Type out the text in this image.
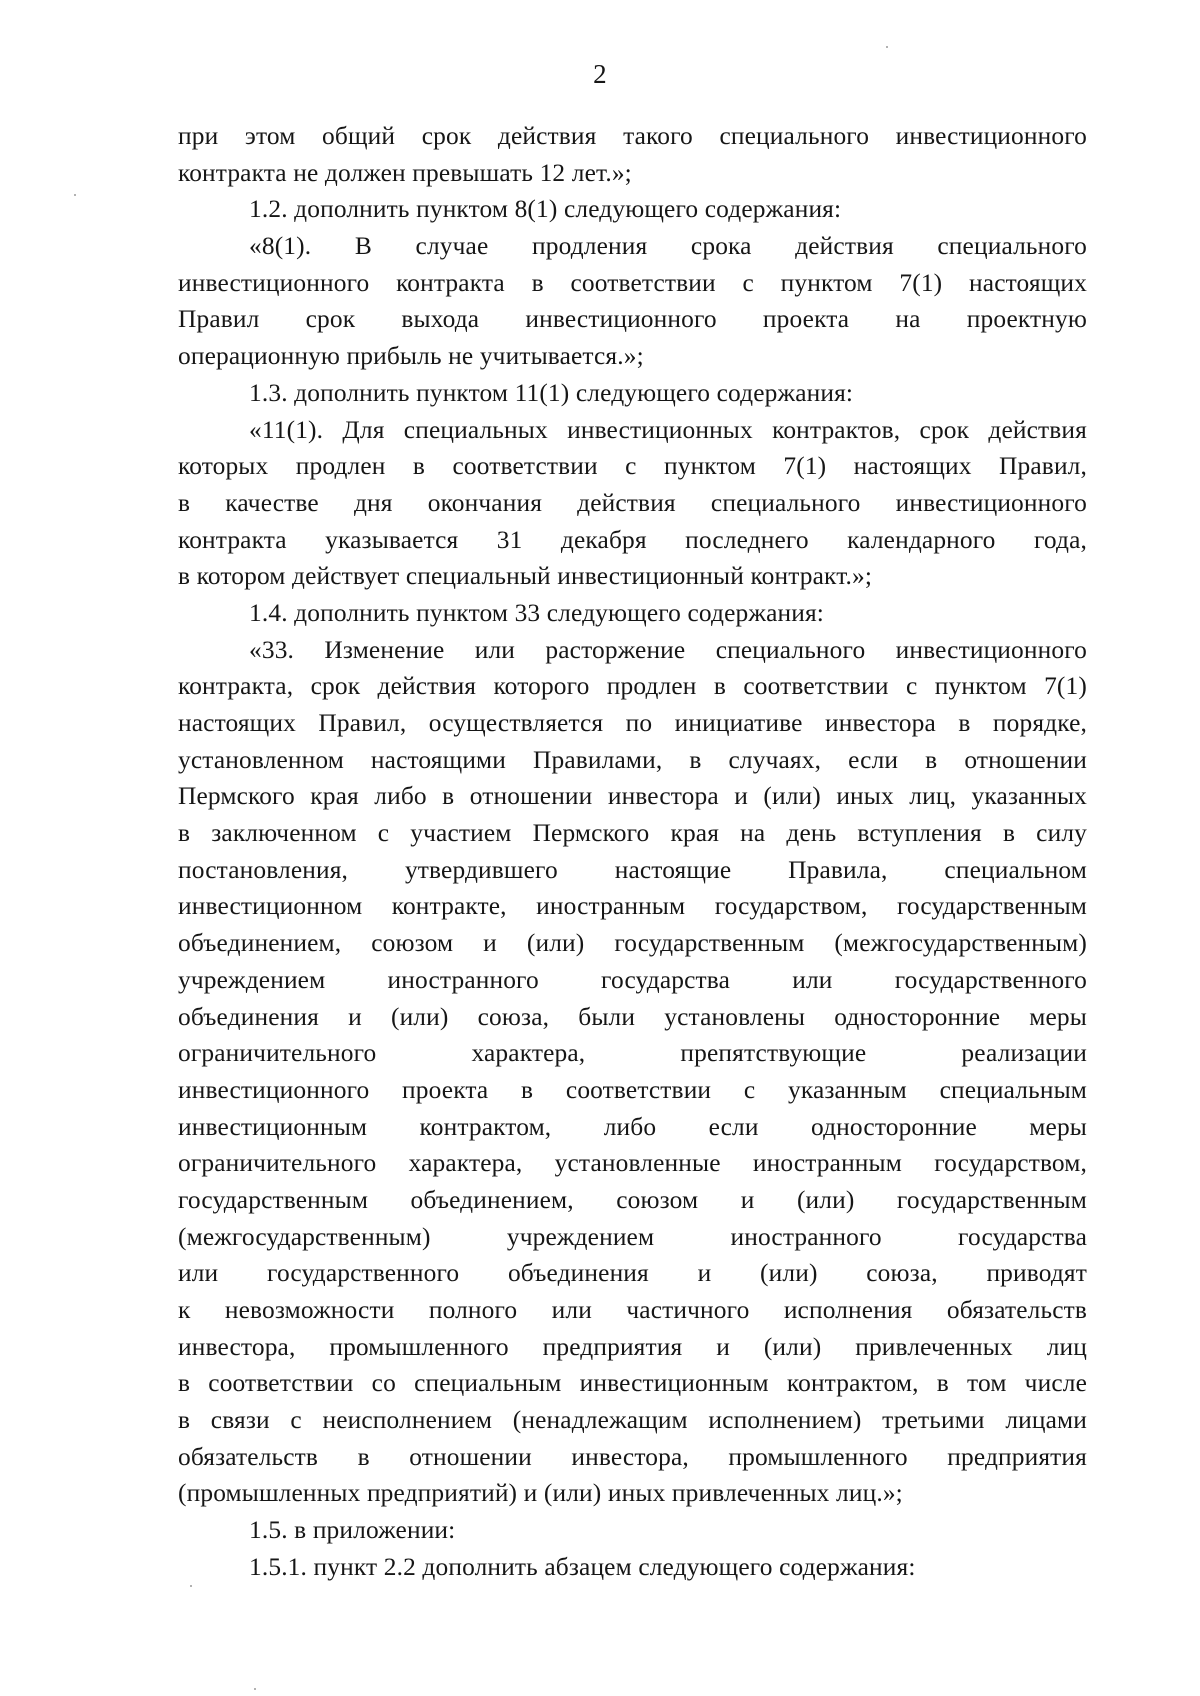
2
при этом общий срок действия такого специального инвестиционного
контракта не должен превышать 12 лет.»;
1.2. дополнить пунктом 8(1) следующего содержания:
«8(1). В случае продления срока действия специального
инвестиционного контракта в соответствии с пунктом 7(1) настоящих
Правил срок выхода инвестиционного проекта на проектную
операционную прибыль не учитывается.»;
1.3. дополнить пунктом 11(1) следующего содержания:
«11(1). Для специальных инвестиционных контрактов, срок действия
которых продлен в соответствии с пунктом 7(1) настоящих Правил,
в качестве дня окончания действия специального инвестиционного
контракта указывается 31 декабря последнего календарного года,
в котором действует специальный инвестиционный контракт.»;
1.4. дополнить пунктом 33 следующего содержания:
«33. Изменение или расторжение специального инвестиционного
контракта, срок действия которого продлен в соответствии с пунктом 7(1)
настоящих Правил, осуществляется по инициативе инвестора в порядке,
установленном настоящими Правилами, в случаях, если в отношении
Пермского края либо в отношении инвестора и (или) иных лиц, указанных
в заключенном с участием Пермского края на день вступления в силу
постановления, утвердившего настоящие Правила, специальном
инвестиционном контракте, иностранным государством, государственным
объединением, союзом и (или) государственным (межгосударственным)
учреждением иностранного государства или государственного
объединения и (или) союза, были установлены односторонние меры
ограничительного характера, препятствующие реализации
инвестиционного проекта в соответствии с указанным специальным
инвестиционным контрактом, либо если односторонние меры
ограничительного характера, установленные иностранным государством,
государственным объединением, союзом и (или) государственным
(межгосударственным) учреждением иностранного государства
или государственного объединения и (или) союза, приводят
к невозможности полного или частичного исполнения обязательств
инвестора, промышленного предприятия и (или) привлеченных лиц
в соответствии со специальным инвестиционным контрактом, в том числе
в связи с неисполнением (ненадлежащим исполнением) третьими лицами
обязательств в отношении инвестора, промышленного предприятия
(промышленных предприятий) и (или) иных привлеченных лиц.»;
1.5. в приложении:
1.5.1. пункт 2.2 дополнить абзацем следующего содержания:
